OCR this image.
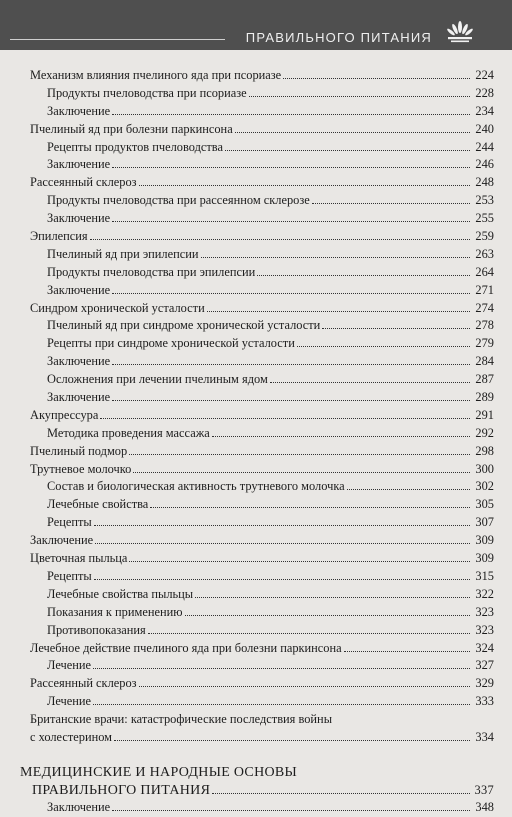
ПРАВИЛЬНОГО ПИТАНИЯ
Механизм влияния пчелиного яда при псориазе	224
Продукты пчеловодства при псориазе	228
Заключение	234
Пчелиный яд при болезни паркинсона	240
Рецепты продуктов пчеловодства	244
Заключение	246
Рассеянный склероз	248
Продукты пчеловодства при рассеянном склерозе	253
Заключение	255
Эпилепсия	259
Пчелиный яд при эпилепсии	263
Продукты пчеловодства при эпилепсии	264
Заключение	271
Синдром хронической усталости	274
Пчелиный яд при синдроме хронической усталости	278
Рецепты при синдроме хронической усталости	279
Заключение	284
Осложнения при лечении пчелиным ядом	287
Заключение	289
Акупрессура	291
Методика проведения массажа	292
Пчелиный подмор	298
Трутневое молочко	300
Состав и биологическая активность трутневого молочка	302
Лечебные свойства	305
Рецепты	307
Заключение	309
Цветочная пыльца	309
Рецепты	315
Лечебные свойства пыльцы	322
Показания к применению	323
Противопоказания	323
Лечебное действие пчелиного яда при болезни паркинсона	324
Лечение	327
Рассеянный склероз	329
Лечение	333
Британские врачи: катастрофические последствия войны
с холестерином	334
МЕДИЦИНСКИЕ И НАРОДНЫЕ ОСНОВЫ
ПРАВИЛЬНОГО ПИТАНИЯ	337
Заключение	348
